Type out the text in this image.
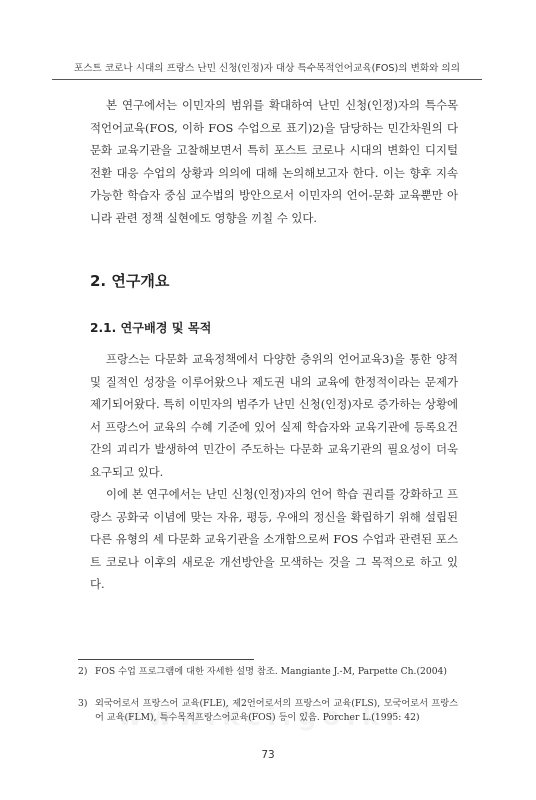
포스트 코로나 시대의 프랑스 난민 신청(인정)자 대상 특수목적언어교육(FOS)의 변화와 의의

본 연구에서는 이민자의 범위를 확대하여 난민 신청(인정)자의 특수목적언어교육(FOS, 이하 FOS 수업으로 표기)2)을 담당하는 민간차원의 다문화 교육기관을 고찰해보면서 특히 포스트 코로나 시대의 변화인 디지털 전환 대응 수업의 상황과 의의에 대해 논의해보고자 한다. 이는 향후 지속가능한 학습자 중심 교수법의 방안으로서 이민자의 언어-문화 교육뿐만 아니라 관련 정책 실현에도 영향을 끼칠 수 있다.

2. 연구개요
2.1. 연구배경 및 목적

프랑스는 다문화 교육정책에서 다양한 층위의 언어교육3)을 통한 양적 및 질적인 성장을 이루어왔으나 제도권 내의 교육에 한정적이라는 문제가 제기되어왔다. 특히 이민자의 범주가 난민 신청(인정)자로 증가하는 상황에서 프랑스어 교육의 수혜 기준에 있어 실제 학습자와 교육기관에 등록요건간의 괴리가 발생하여 민간이 주도하는 다문화 교육기관의 필요성이 더욱 요구되고 있다.

이에 본 연구에서는 난민 신청(인정)자의 언어 학습 권리를 강화하고 프랑스 공화국 이념에 맞는 자유, 평등, 우애의 정신을 확립하기 위해 설립된 다른 유형의 세 다문화 교육기관을 소개함으로써 FOS 수업과 관련된 포스트 코로나 이후의 새로운 개선방안을 모색하는 것을 그 목적으로 하고 있다.

2) FOS 수업 프로그램에 대한 자세한 설명 참조. Mangiante J.-M, Parpette Ch.(2004)
3) 외국어로서 프랑스어 교육(FLE), 제2언어로서의 프랑스어 교육(FLS), 모국어로서 프랑스어 교육(FLM), 특수목적프랑스어교육(FOS) 등이 있음. Porcher L.(1995: 42)
73
